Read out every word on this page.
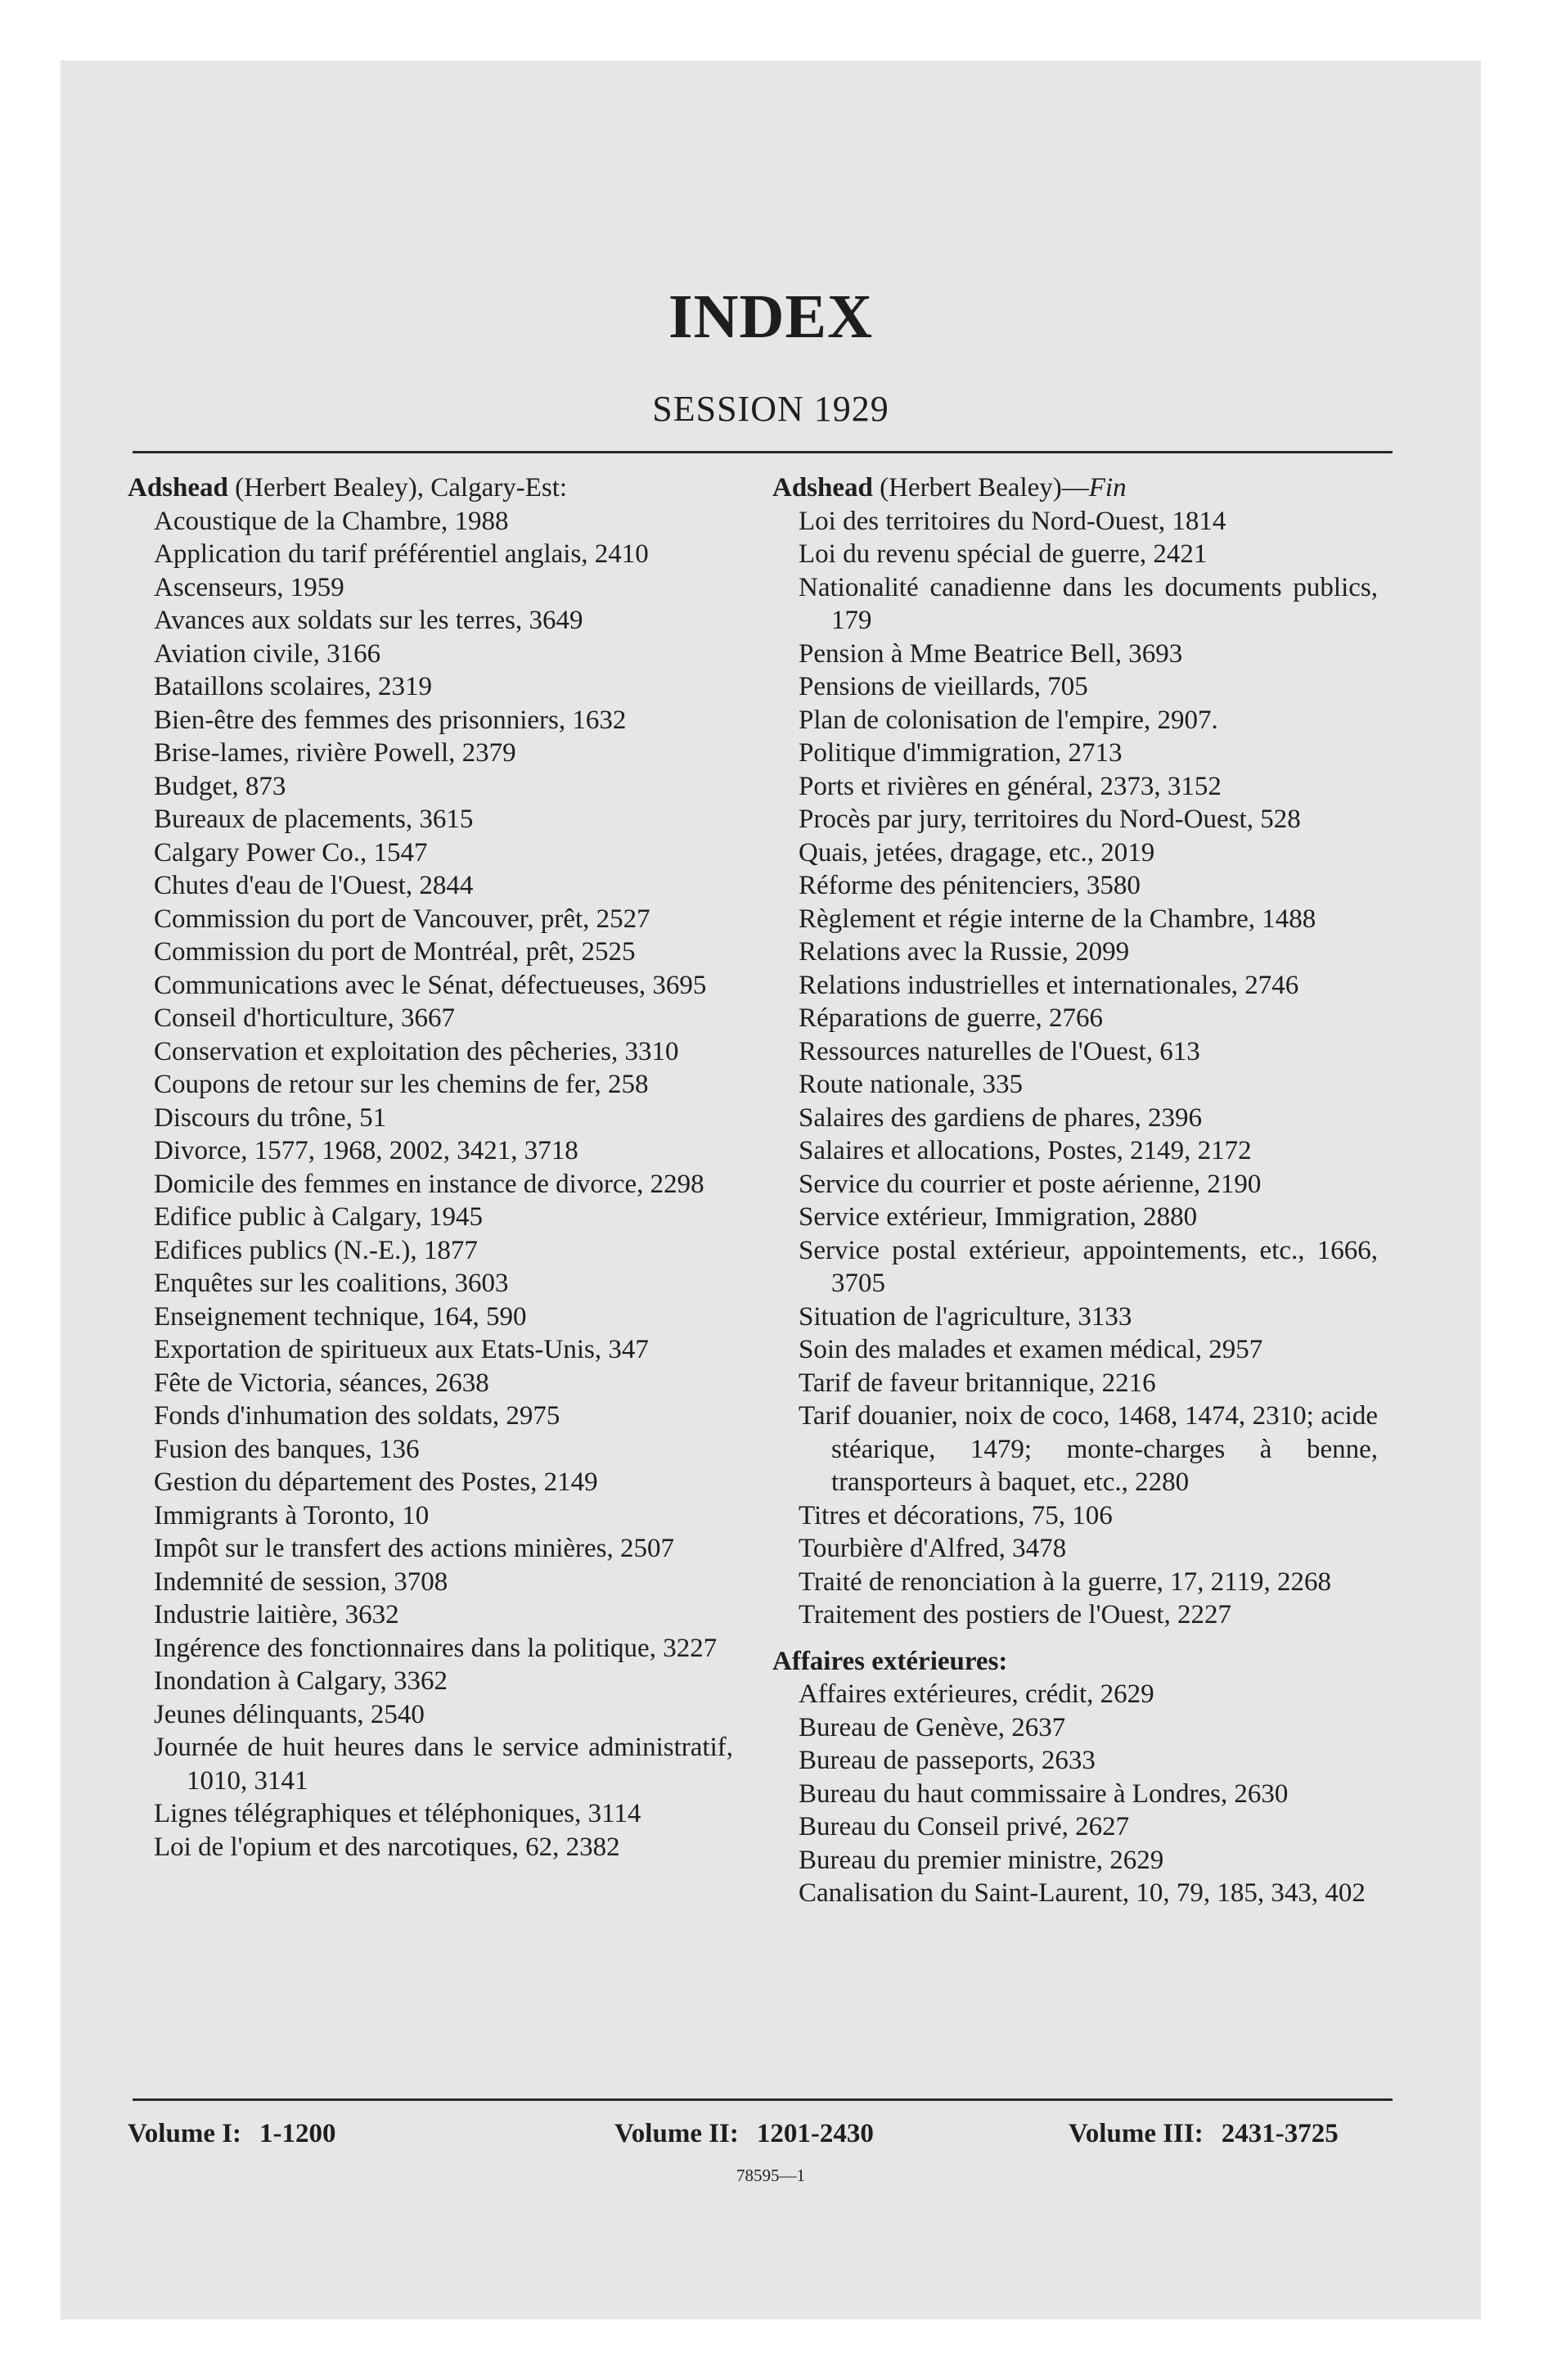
INDEX
SESSION 1929
Adshead (Herbert Bealey), Calgary-Est:
Acoustique de la Chambre, 1988
Application du tarif préférentiel anglais, 2410
Ascenseurs, 1959
Avances aux soldats sur les terres, 3649
Aviation civile, 3166
Bataillons scolaires, 2319
Bien-être des femmes des prisonniers, 1632
Brise-lames, rivière Powell, 2379
Budget, 873
Bureaux de placements, 3615
Calgary Power Co., 1547
Chutes d'eau de l'Ouest, 2844
Commission du port de Vancouver, prêt, 2527
Commission du port de Montréal, prêt, 2525
Communications avec le Sénat, défectueuses, 3695
Conseil d'horticulture, 3667
Conservation et exploitation des pêcheries, 3310
Coupons de retour sur les chemins de fer, 258
Discours du trône, 51
Divorce, 1577, 1968, 2002, 3421, 3718
Domicile des femmes en instance de divorce, 2298
Edifice public à Calgary, 1945
Edifices publics (N.-E.), 1877
Enquêtes sur les coalitions, 3603
Enseignement technique, 164, 590
Exportation de spiritueux aux Etats-Unis, 347
Fête de Victoria, séances, 2638
Fonds d'inhumation des soldats, 2975
Fusion des banques, 136
Gestion du département des Postes, 2149
Immigrants à Toronto, 10
Impôt sur le transfert des actions minières, 2507
Indemnité de session, 3708
Industrie laitière, 3632
Ingérence des fonctionnaires dans la politique, 3227
Inondation à Calgary, 3362
Jeunes délinquants, 2540
Journée de huit heures dans le service administratif, 1010, 3141
Lignes télégraphiques et téléphoniques, 3114
Loi de l'opium et des narcotiques, 62, 2382
Adshead (Herbert Bealey)—Fin
Loi des territoires du Nord-Ouest, 1814
Loi du revenu spécial de guerre, 2421
Nationalité canadienne dans les documents publics, 179
Pension à Mme Beatrice Bell, 3693
Pensions de vieillards, 705
Plan de colonisation de l'empire, 2907.
Politique d'immigration, 2713
Ports et rivières en général, 2373, 3152
Procès par jury, territoires du Nord-Ouest, 528
Quais, jetées, dragage, etc., 2019
Réforme des pénitenciers, 3580
Règlement et régie interne de la Chambre, 1488
Relations avec la Russie, 2099
Relations industrielles et internationales, 2746
Réparations de guerre, 2766
Ressources naturelles de l'Ouest, 613
Route nationale, 335
Salaires des gardiens de phares, 2396
Salaires et allocations, Postes, 2149, 2172
Service du courrier et poste aérienne, 2190
Service extérieur, Immigration, 2880
Service postal extérieur, appointements, etc., 1666, 3705
Situation de l'agriculture, 3133
Soin des malades et examen médical, 2957
Tarif de faveur britannique, 2216
Tarif douanier, noix de coco, 1468, 1474, 2310; acide stéarique, 1479; monte-charges à benne, transporteurs à baquet, etc., 2280
Titres et décorations, 75, 106
Tourbière d'Alfred, 3478
Traité de renonciation à la guerre, 17, 2119, 2268
Traitement des postiers de l'Ouest, 2227
Affaires extérieures:
Affaires extérieures, crédit, 2629
Bureau de Genève, 2637
Bureau de passeports, 2633
Bureau du haut commissaire à Londres, 2630
Bureau du Conseil privé, 2627
Bureau du premier ministre, 2629
Canalisation du Saint-Laurent, 10, 79, 185, 343, 402
Volume I: 1-1200	Volume II: 1201-2430	Volume III: 2431-3725
78595—1
